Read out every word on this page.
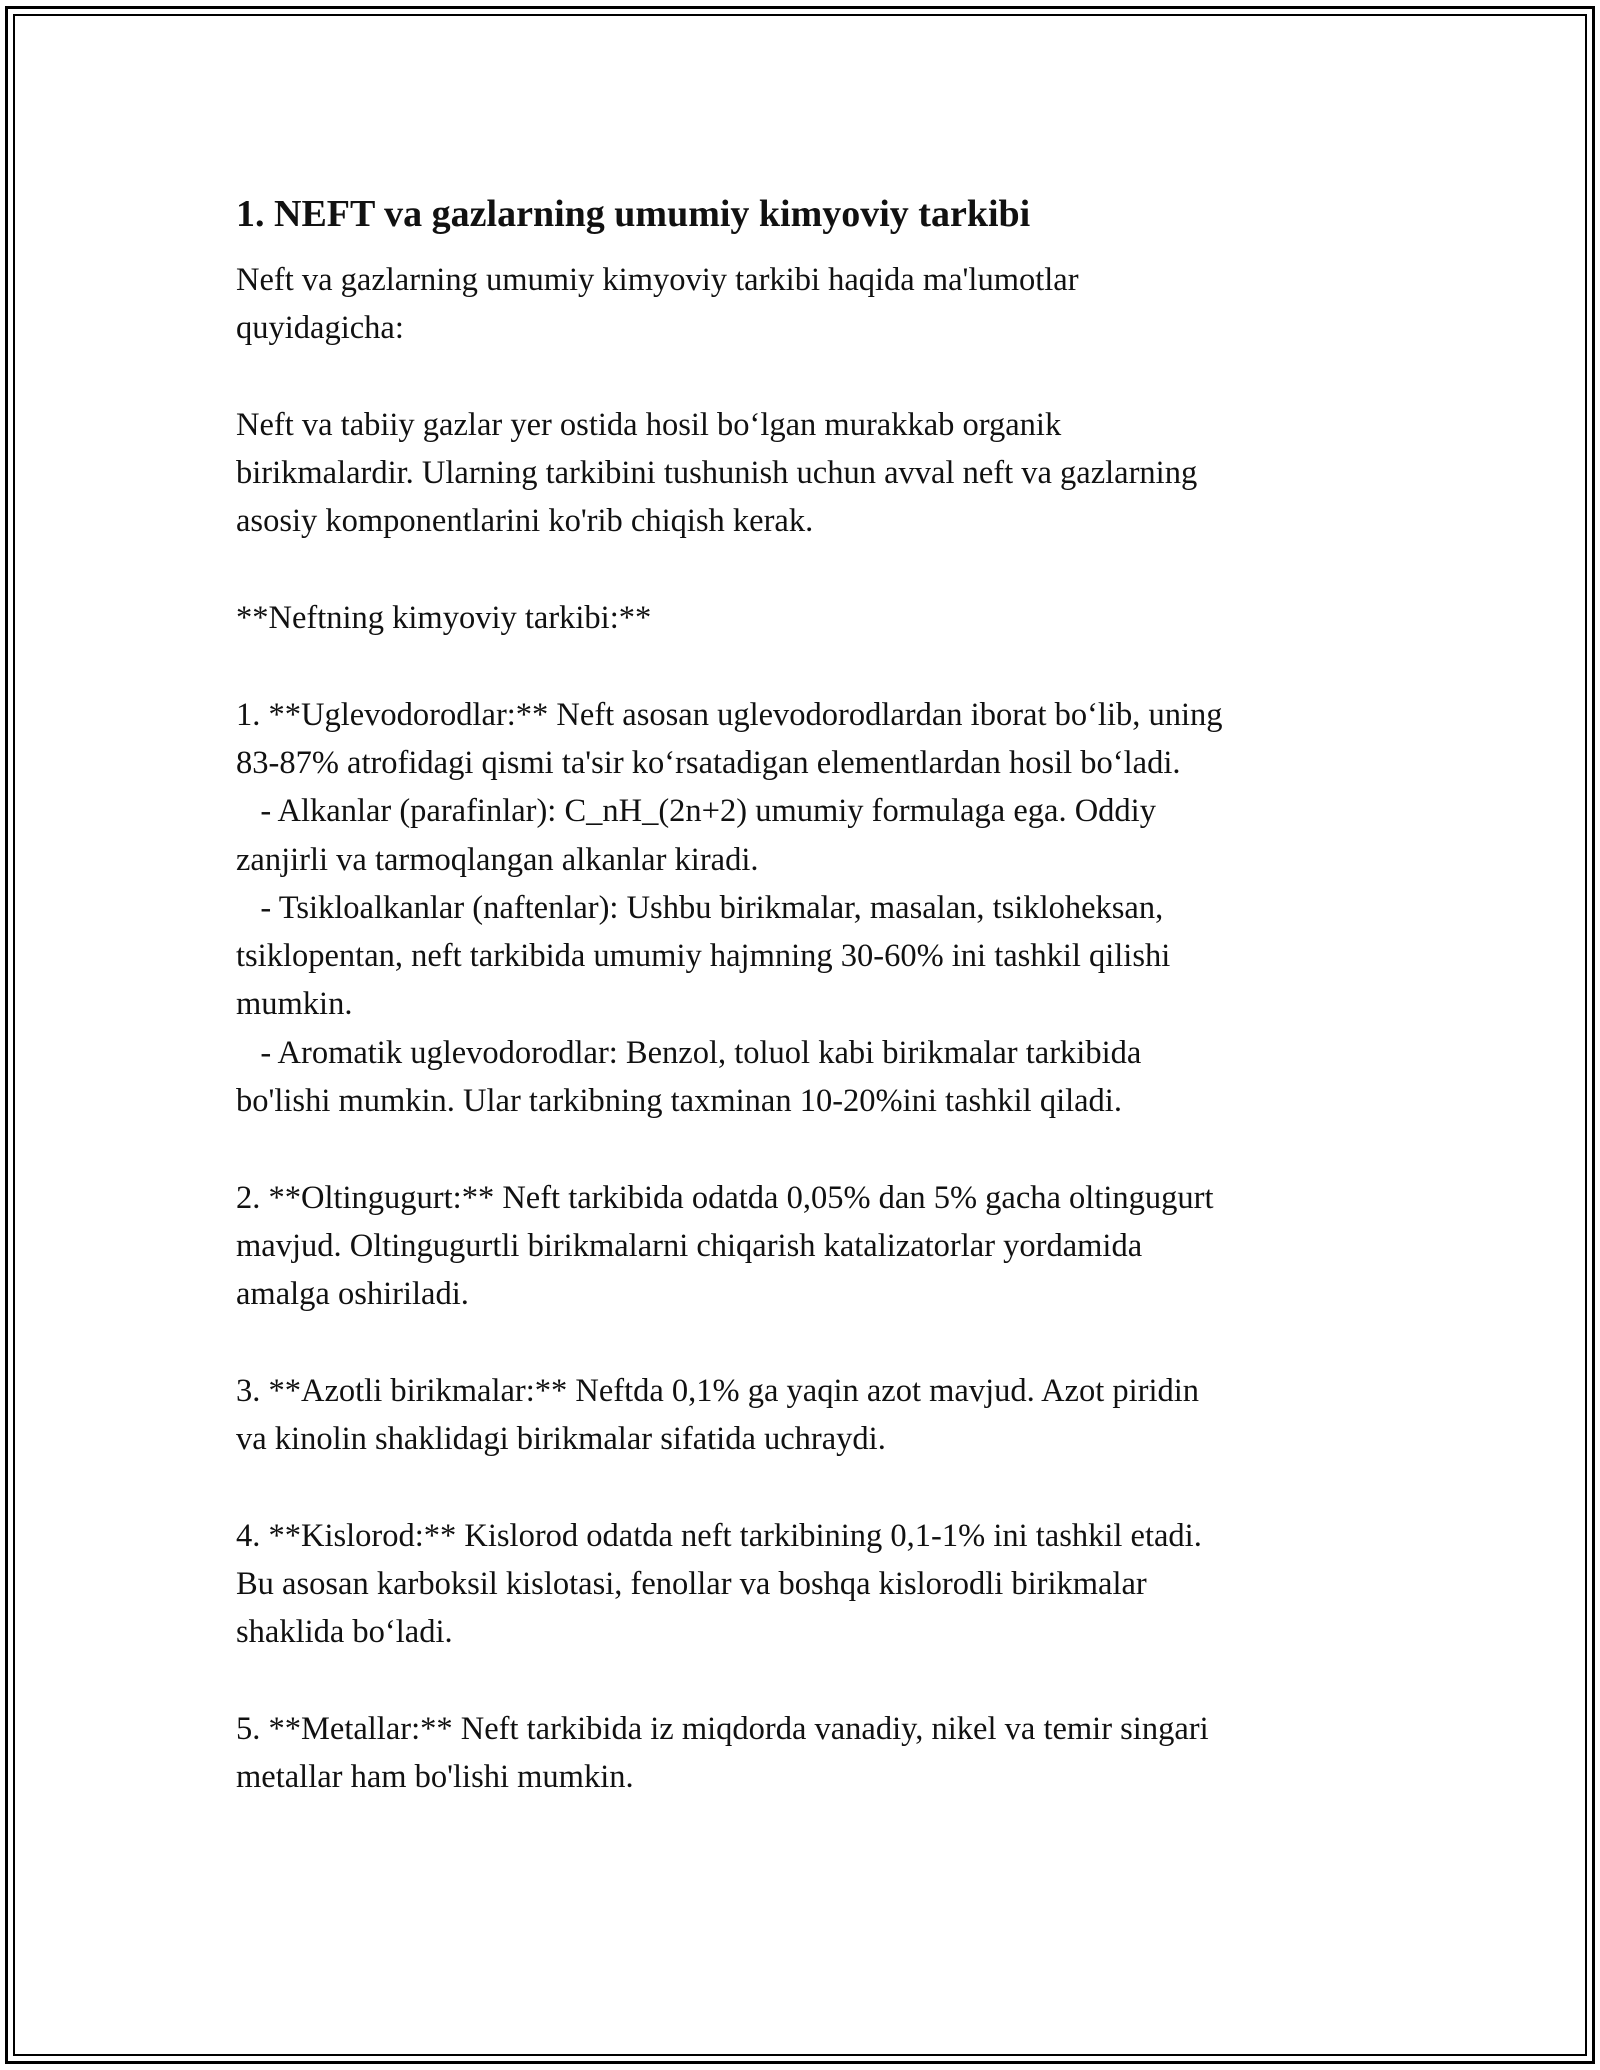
1. NEFT va gazlarning umumiy kimyoviy tarkibi
Neft va gazlarning umumiy kimyoviy tarkibi haqida ma'lumotlar
quyidagicha:
Neft va tabiiy gazlar yer ostida hosil boʻlgan murakkab organik
birikmalardir. Ularning tarkibini tushunish uchun avval neft va gazlarning
asosiy komponentlarini ko'rib chiqish kerak.
**Neftning kimyoviy tarkibi:**
1. **Uglevodorodlar:** Neft asosan uglevodorodlardan iborat boʻlib, uning
83-87% atrofidagi qismi ta'sir koʻrsatadigan elementlardan hosil boʻladi.
- Alkanlar (parafinlar): C_nH_(2n+2) umumiy formulaga ega. Oddiy
zanjirli va tarmoqlangan alkanlar kiradi.
- Tsikloalkanlar (naftenlar): Ushbu birikmalar, masalan, tsikloheksan,
tsiklopentan, neft tarkibida umumiy hajmning 30-60% ini tashkil qilishi
mumkin.
- Aromatik uglevodorodlar: Benzol, toluol kabi birikmalar tarkibida
bo'lishi mumkin. Ular tarkibning taxminan 10-20%ini tashkil qiladi.
2. **Oltingugurt:** Neft tarkibida odatda 0,05% dan 5% gacha oltingugurt
mavjud. Oltingugurtli birikmalarni chiqarish katalizatorlar yordamida
amalga oshiriladi.
3. **Azotli birikmalar:** Neftda 0,1% ga yaqin azot mavjud. Azot piridin
va kinolin shaklidagi birikmalar sifatida uchraydi.
4. **Kislorod:** Kislorod odatda neft tarkibining 0,1-1% ini tashkil etadi.
Bu asosan karboksil kislotasi, fenollar va boshqa kislorodli birikmalar
shaklida boʻladi.
5. **Metallar:** Neft tarkibida iz miqdorda vanadiy, nikel va temir singari
metallar ham bo'lishi mumkin.
